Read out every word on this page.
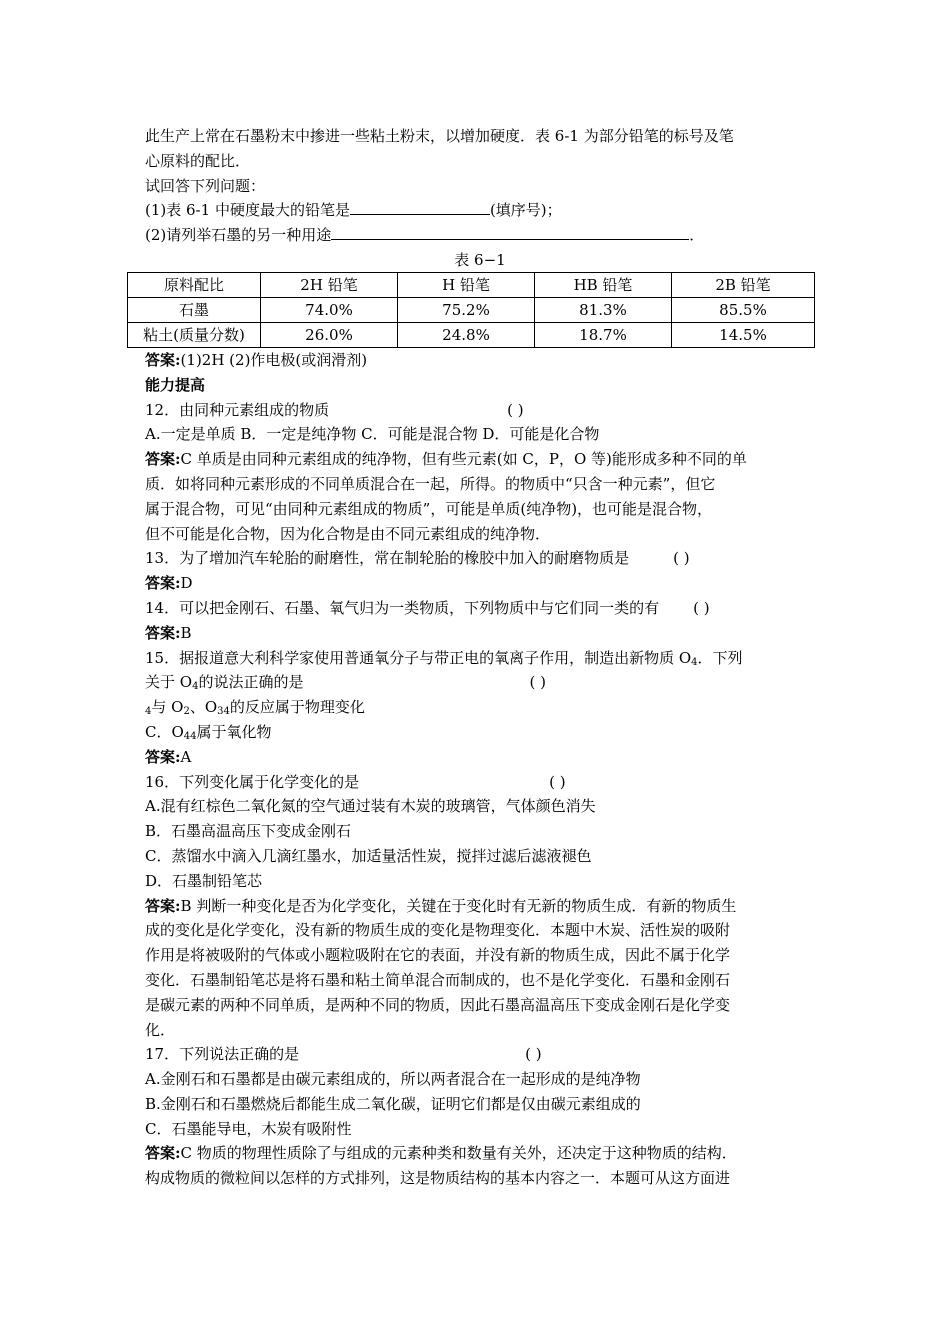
此生产上常在石墨粉末中掺进一些粘土粉末，以增加硬度．表 6-1 为部分铅笔的标号及笔
心原料的配比．
试回答下列问题：
(1)表 6-1 中硬度最大的铅笔是	(填序号)；
(2)请列举石墨的另一种用途	．
表 6−1
原料配比	2H 铅笔	H 铅笔	HB 铅笔	2B 铅笔
石墨	74.0%	75.2%	81.3%	85.5%
粘土(质量分数)	26.0%	24.8%	18.7%	14.5%
答案:(1)2H (2)作电极(或润滑剂)
能力提高
12．由同种元素组成的物质	( )
A.一定是单质 B．一定是纯净物 C．可能是混合物 D．可能是化合物
答案:C 单质是由同种元素组成的纯净物，但有些元素(如 C，P，O 等)能形成多种不同的单
质．如将同种元素形成的不同单质混合在一起，所得。的物质中“只含一种元素”，但它
属于混合物，可见“由同种元素组成的物质”，可能是单质(纯净物)，也可能是混合物，
但不可能是化合物，因为化合物是由不同元素组成的纯净物．
13．为了增加汽车轮胎的耐磨性，常在制轮胎的橡胶中加入的耐磨物质是	( )
答案:D
14．可以把金刚石、石墨、氧气归为一类物质，下列物质中与它们同一类的有 ( )
答案:B
15．据报道意大利科学家使用普通氧分子与带正电的氧离子作用，制造出新物质 $O_4$．下列
关于 $O_4$的说法正确的是	( )
$_4$与 $O_2$、$O_{34}$的反应属于物理变化
C．$O_{44}$属于氧化物
答案:A
16．下列变化属于化学变化的是	( )
A.混有红棕色二氧化氮的空气通过装有木炭的玻璃管，气体颜色消失
B．石墨高温高压下变成金刚石
C．蒸馏水中滴入几滴红墨水，加适量活性炭，搅拌过滤后滤液褪色
D．石墨制铅笔芯
答案:B 判断一种变化是否为化学变化，关键在于变化时有无新的物质生成．有新的物质生
成的变化是化学变化，没有新的物质生成的变化是物理变化．本题中木炭、活性炭的吸附
作用是将被吸附的气体或小题粒吸附在它的表面，并没有新的物质生成，因此不属于化学
变化．石墨制铅笔芯是将石墨和粘土简单混合而制成的，也不是化学变化．石墨和金刚石
是碳元素的两种不同单质，是两种不同的物质，因此石墨高温高压下变成金刚石是化学变
化．
17．下列说法正确的是	( )
A.金刚石和石墨都是由碳元素组成的，所以两者混合在一起形成的是纯净物
B.金刚石和石墨燃烧后都能生成二氧化碳，证明它们都是仅由碳元素组成的
C．石墨能导电，木炭有吸附性
答案:C 物质的物理性质除了与组成的元素种类和数量有关外，还决定于这种物质的结构．
构成物质的微粒间以怎样的方式排列，这是物质结构的基本内容之一．本题可从这方面进
